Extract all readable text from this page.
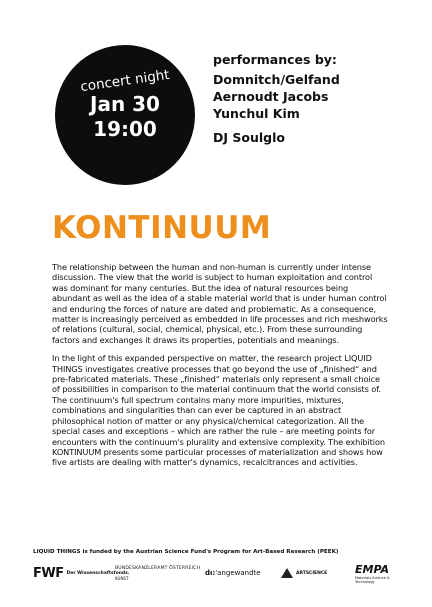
concert night
Jan 30
19:00
performances by:
Domnitch/Gelfand
Aernoudt Jacobs
Yunchul Kim
DJ Soulglo
KONTINUUM

The relationship between the human and non-human is currently under intense discussion. The view that the world is subject to human exploitation and control was dominant for many centuries. But the idea of natural resources being abundant as well as the idea of a stable material world that is under human control and enduring the forces of nature are dated and problematic. As a consequence, matter is increasingly perceived as embedded in life processes and rich meshworks of relations (cultural, social, chemical, physical, etc.). From these surrounding factors and exchanges it draws its properties, potentials and meanings.

In the light of this expanded perspective on matter, the research project LIQUID THINGS investigates creative processes that go beyond the use of „finished“ and pre-fabricated materials. These „finished“ materials only represent a small choice of possibilities in comparison to the material continuum that the world consists of. The continuum's full spectrum contains many more impurities, mixtures, combinations and singularities than can ever be captured in an abstract philosophical notion of matter or any physical/chemical categorization. All the special cases and exceptions – which are rather the rule – are meeting points for encounters with the continuum's plurality and extensive complexity. The exhibition KONTINUUM presents some particular processes of materialization and shows how five artists are dealing with matter's dynamics, recalcitrances and activities.

LIQUID THINGS is funded by the Austrian Science Fund's Program for Art-Based Research (PEEK)
FWF Der Wissenschaftsfonds.
BUNDESKANZLERAMT ÖSTERREICH
KUNST
dı: 'angewandte	ARTSCIENCE	EMPA
Materials Science & Technology
